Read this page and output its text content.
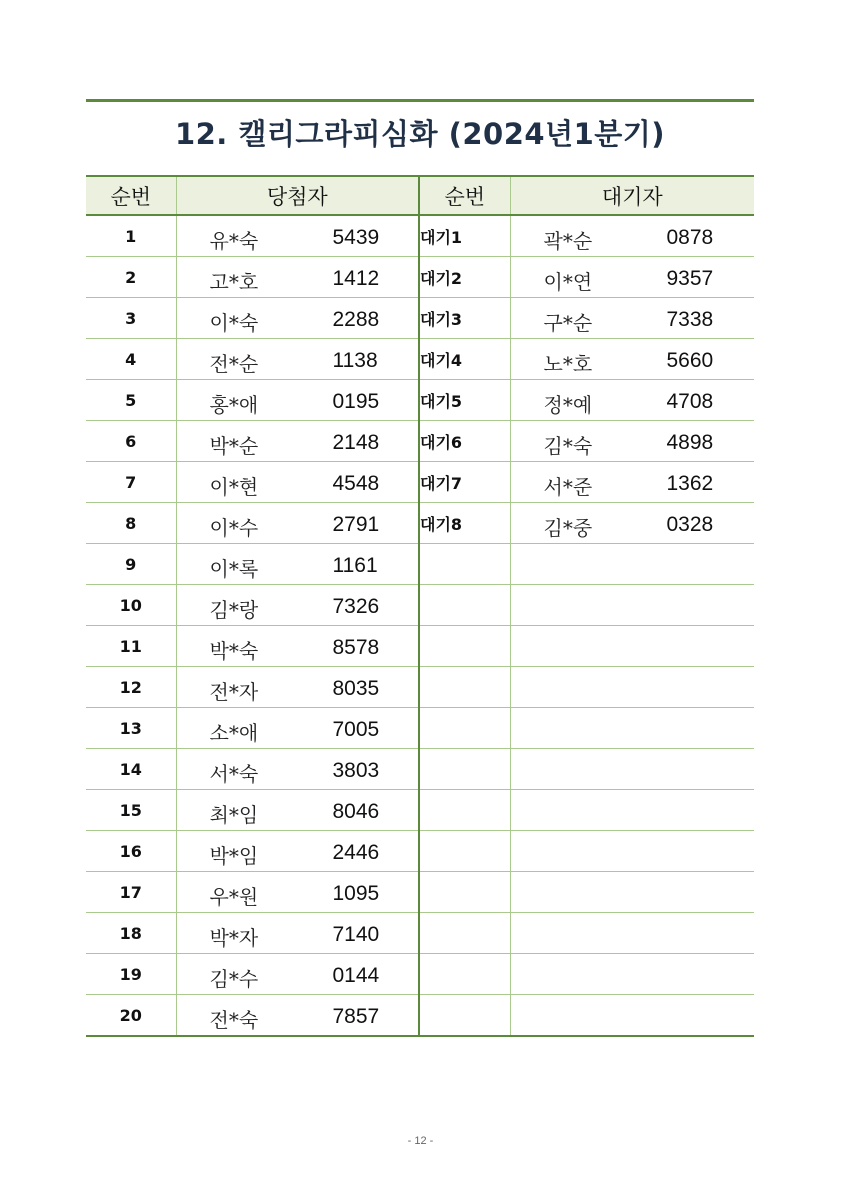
12. 캘리그라피심화 (2024년1분기)
순번	당첨자	순번	대기자
1	유*숙 5439	대기1	곽*순 0878

2	고*호 1412	대기2	이*연 9357

3	이*숙 2288	대기3	구*순 7338

4	전*순 1138	대기4	노*호 5660

5	홍*애 0195	대기5	정*예 4708

6	박*순 2148	대기6	김*숙 4898

7	이*현 4548	대기7	서*준 1362

8	이*수 2791	대기8	김*중 0328

9	이*록 1161		

10	김*랑 7326		

11	박*숙 8578		

12	전*자 8035		

13	소*애 7005		

14	서*숙 3803		

15	최*임 8046		

16	박*임 2446		

17	우*원 1095		

18	박*자 7140		

19	김*수 0144		

20	전*숙 7857		

- 12 -
